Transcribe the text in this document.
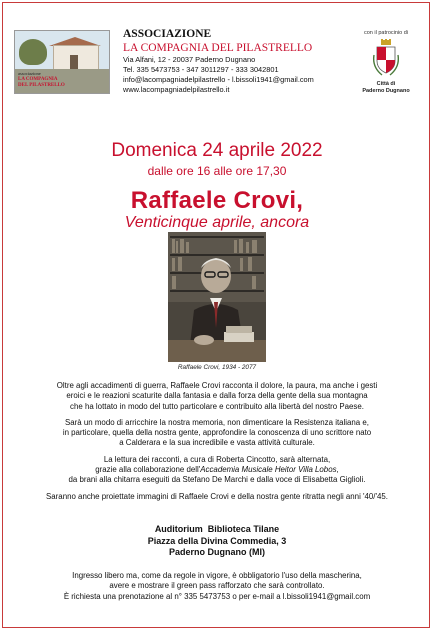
associazione
LA COMPAGNIA
DEL PILASTRELLO
ASSOCIAZIONE
LA COMPAGNIA DEL PILASTRELLO
Via Alfani, 12 - 20037 Paderno Dugnano
Tel. 335 5473753 - 347 3011297 - 333 3042801
info@lacompagniadelpilastrello - l.bissoli1941@gmail.com
www.lacompagniadelpilastrello.it
con il patrocinio di
Città di
Paderno Dugnano
Domenica 24 aprile 2022
dalle ore 16 alle ore 17,30
Raffaele Crovi,
Venticinque aprile, ancora
Raffaele Crovi, 1934 - 2077

Oltre agli accadimenti di guerra, Raffaele Crovi racconta il dolore, la paura, ma anche i gesti
eroici e le reazioni scaturite dalla fantasia e dalla forza della gente della sua montagna
che ha lottato in modo del tutto particolare e contribuito alla libertà del nostro Paese.

Sarà un modo di arricchire la nostra memoria, non dimenticare la Resistenza italiana e,
in particolare, quella della nostra gente, approfondire la conoscenza di uno scrittore nato
a Calderara e la sua incredibile e vasta attività culturale.

La lettura dei racconti, a cura di Roberta Cincotto, sarà alternata,
grazie alla collaborazione dell'Accademia Musicale Heitor Villa Lobos,
da brani alla chitarra eseguiti da Stefano De Marchi e dalla voce di Elisabetta Giglioli.

Saranno anche proiettate immagini di Raffaele Crovi e della nostra gente ritratta negli anni '40/'45.

Auditorium  Biblioteca Tilane
Piazza della Divina Commedia, 3
Paderno Dugnano (MI)
Ingresso libero ma, come da regole in vigore, è obbligatorio l'uso della mascherina,
avere e mostrare il green pass rafforzato che sarà controllato.
È richiesta una prenotazione al n° 335 5473753 o per e-mail a l.bissoli1941@gmail.com
